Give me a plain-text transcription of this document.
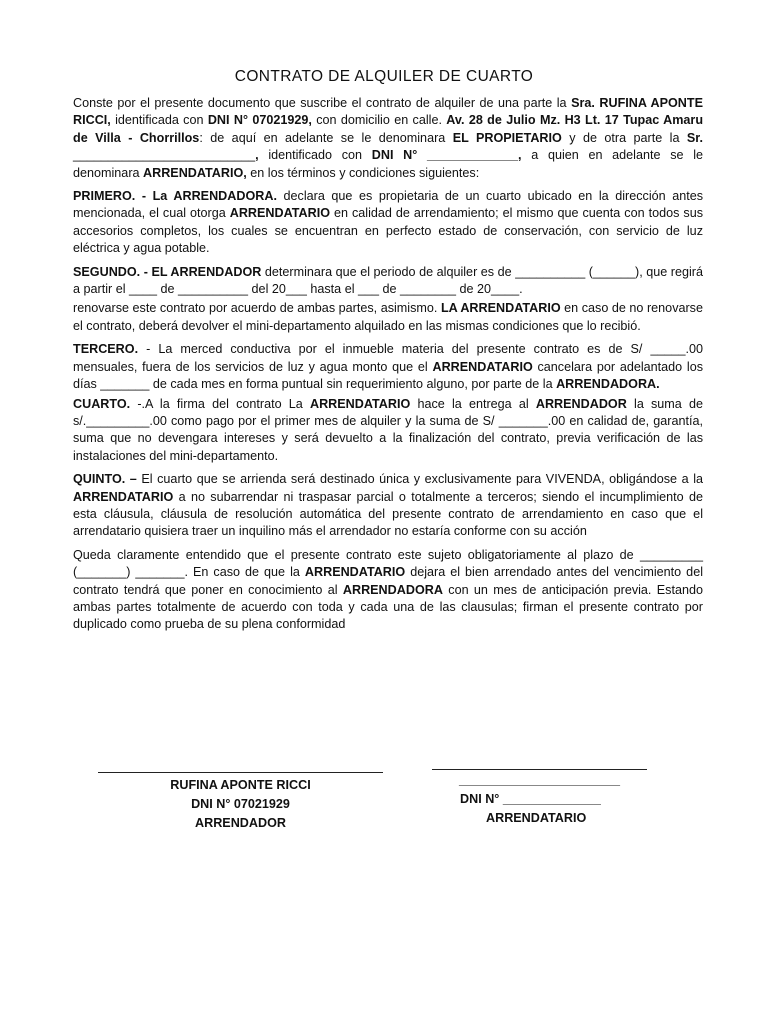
CONTRATO DE ALQUILER DE CUARTO

Conste por el presente documento que suscribe el contrato de alquiler de una parte la Sra. RUFINA APONTE RICCI, identificada con DNI N° 07021929, con domicilio en calle. Av. 28 de Julio Mz. H3 Lt. 17 Tupac Amaru de Villa - Chorrillos: de aquí en adelante se le denominara EL PROPIETARIO y de otra parte la Sr. __________________________, identificado con DNI N° _____________, a quien en adelante se le denominara ARRENDATARIO, en los términos y condiciones siguientes:

PRIMERO. - La ARRENDADORA. declara que es propietaria de un cuarto ubicado en la dirección antes mencionada, el cual otorga ARRENDATARIO en calidad de arrendamiento; el mismo que cuenta con todos sus accesorios completos, los cuales se encuentran en perfecto estado de conservación, con servicio de luz eléctrica y agua potable.

SEGUNDO. - EL ARRENDADOR determinara que el periodo de alquiler es de __________ (______), que regirá a partir el ____ de __________ del 20___ hasta el ___ de ________ de 20____.

renovarse este contrato por acuerdo de ambas partes, asimismo. LA ARRENDATARIO en caso de no renovarse el contrato, deberá devolver el mini-departamento alquilado en las mismas condiciones que lo recibió.

TERCERO. - La merced conductiva por el inmueble materia del presente contrato es de S/ _____.00 mensuales, fuera de los servicios de luz y agua monto que el ARRENDATARIO cancelara por adelantado los días _______ de cada mes en forma puntual sin requerimiento alguno, por parte de la ARRENDADORA.

CUARTO. -.A la firma del contrato La ARRENDATARIO hace la entrega al ARRENDADOR la suma de s/._________.00 como pago por el primer mes de alquiler y la suma de S/ _______.00 en calidad de, garantía, suma que no devengara intereses y será devuelto a la finalización del contrato, previa verificación de las instalaciones del mini-departamento.

QUINTO. – El cuarto que se arrienda será destinado única y exclusivamente para VIVENDA, obligándose a la ARRENDATARIO a no subarrendar ni traspasar parcial o totalmente a terceros; siendo el incumplimiento de esta cláusula, cláusula de resolución automática del presente contrato de arrendamiento en caso que el arrendatario quisiera traer un inquilino más el arrendador no estaría conforme con su acción

Queda claramente entendido que el presente contrato este sujeto obligatoriamente al plazo de _________ (_______) _______. En caso de que la ARRENDATARIO dejara el bien arrendado antes del vencimiento del contrato tendrá que poner en conocimiento al ARRENDADORA con un mes de anticipación previa. Estando ambas partes totalmente de acuerdo con toda y cada una de las clausulas; firman el presente contrato por duplicado como prueba de su plena conformidad

RUFINA APONTE RICCI
DNI N° 07021929
ARRENDADOR
_______________________
DNI N° ______________
ARRENDATARIO
